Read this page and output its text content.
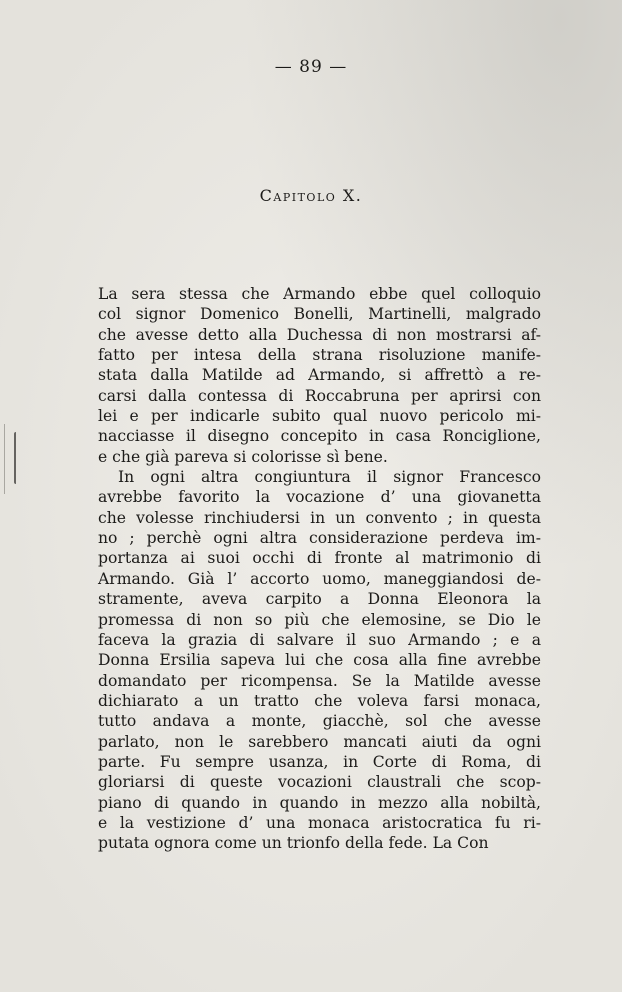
— 89 —
Capitolo X.
La sera stessa che Armando ebbe quel colloquio
col signor Domenico Bonelli, Martinelli, malgrado
che avesse detto alla Duchessa di non mostrarsi af-
fatto per intesa della strana risoluzione manife-
stata dalla Matilde ad Armando, si affrettò a re-
carsi dalla contessa di Roccabruna per aprirsi con
lei e per indicarle subito qual nuovo pericolo mi-
nacciasse il disegno concepito in casa Ronciglione,
e che già pareva si colorisse sì bene.
In ogni altra congiuntura il signor Francesco
avrebbe favorito la vocazione d’ una giovanetta
che volesse rinchiudersi in un convento ; in questa
no ; perchè ogni altra considerazione perdeva im-
portanza ai suoi occhi di fronte al matrimonio di
Armando. Già l’ accorto uomo, maneggiandosi de-
stramente, aveva carpito a Donna Eleonora la
promessa di non so più che elemosine, se Dio le
faceva la grazia di salvare il suo Armando ; e a
Donna Ersilia sapeva lui che cosa alla fine avrebbe
domandato per ricompensa. Se la Matilde avesse
dichiarato a un tratto che voleva farsi monaca,
tutto andava a monte, giacchè, sol che avesse
parlato, non le sarebbero mancati aiuti da ogni
parte. Fu sempre usanza, in Corte di Roma, di
gloriarsi di queste vocazioni claustrali che scop-
piano di quando in quando in mezzo alla nobiltà,
e la vestizione d’ una monaca aristocratica fu ri-
putata ognora come un trionfo della fede. La Con
